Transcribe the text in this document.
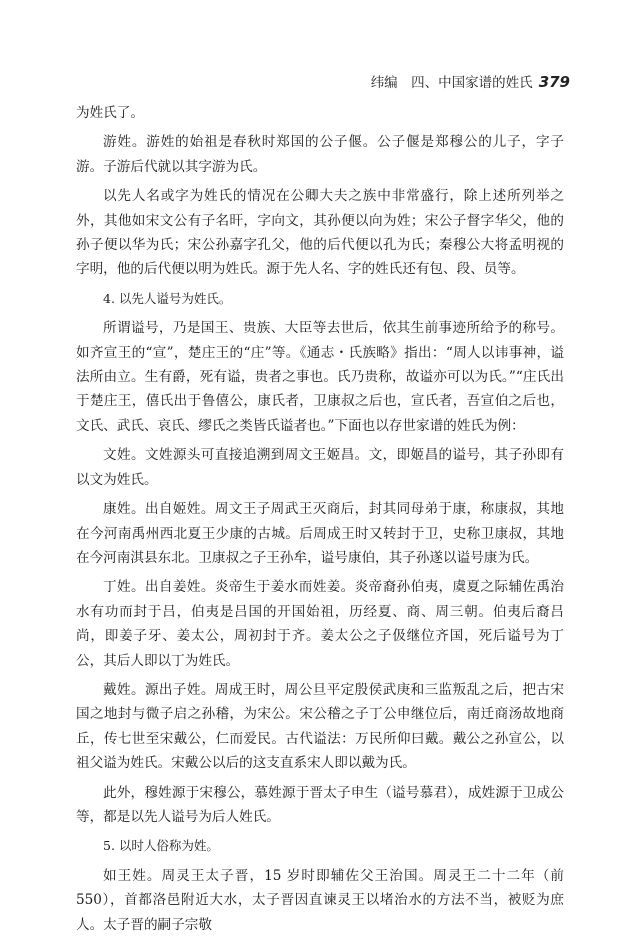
纬编　四、中国家谱的姓氏 379

为姓氏了。

游姓。游姓的始祖是春秋时郑国的公子偃。公子偃是郑穆公的儿子，字子游。子游后代就以其字游为氏。

以先人名或字为姓氏的情况在公卿大夫之族中非常盛行，除上述所列举之外，其他如宋文公有子名旰，字向文，其孙便以向为姓；宋公子督字华父，他的孙子便以华为氏；宋公孙嘉字孔父，他的后代便以孔为氏；秦穆公大将孟明视的字明，他的后代便以明为姓氏。源于先人名、字的姓氏还有包、段、员等。

4. 以先人谥号为姓氏。

所谓谥号，乃是国王、贵族、大臣等去世后，依其生前事迹所给予的称号。如齐宣王的“宣”，楚庄王的“庄”等。《通志・氏族略》指出：“周人以讳事神，谥法所由立。生有爵，死有谥，贵者之事也。氏乃贵称，故谥亦可以为氏。”“庄氏出于楚庄王，僖氏出于鲁僖公，康氏者，卫康叔之后也，宣氏者，吾宣伯之后也，文氏、武氏、哀氏、缪氏之类皆氏谥者也。”下面也以存世家谱的姓氏为例：

文姓。文姓源头可直接追溯到周文王姬昌。文，即姬昌的谥号，其子孙即有以文为姓氏。

康姓。出自姬姓。周文王子周武王灭商后，封其同母弟于康，称康叔，其地在今河南禹州西北夏王少康的古城。后周成王时又转封于卫，史称卫康叔，其地在今河南淇县东北。卫康叔之子王孙牟，谥号康伯，其子孙遂以谥号康为氏。

丁姓。出自姜姓。炎帝生于姜水而姓姜。炎帝裔孙伯夷，虞夏之际辅佐禹治水有功而封于吕，伯夷是吕国的开国始祖，历经夏、商、周三朝。伯夷后裔吕尚，即姜子牙、姜太公，周初封于齐。姜太公之子伋继位齐国，死后谥号为丁公，其后人即以丁为姓氏。

戴姓。源出子姓。周成王时，周公旦平定殷侯武庚和三监叛乱之后，把古宋国之地封与微子启之孙稽，为宋公。宋公稽之子丁公申继位后，南迁商汤故地商丘，传七世至宋戴公，仁而爱民。古代谥法：万民所仰曰戴。戴公之孙宣公，以祖父谥为姓氏。宋戴公以后的这支直系宋人即以戴为氏。

此外，穆姓源于宋穆公，慕姓源于晋太子申生（谥号慕君），成姓源于卫成公等，都是以先人谥号为后人姓氏。

5. 以时人俗称为姓。

如王姓。周灵王太子晋，15 岁时即辅佐父王治国。周灵王二十二年（前 550），首都洛邑附近大水，太子晋因直谏灵王以堵治水的方法不当，被贬为庶人。太子晋的嗣子宗敬
